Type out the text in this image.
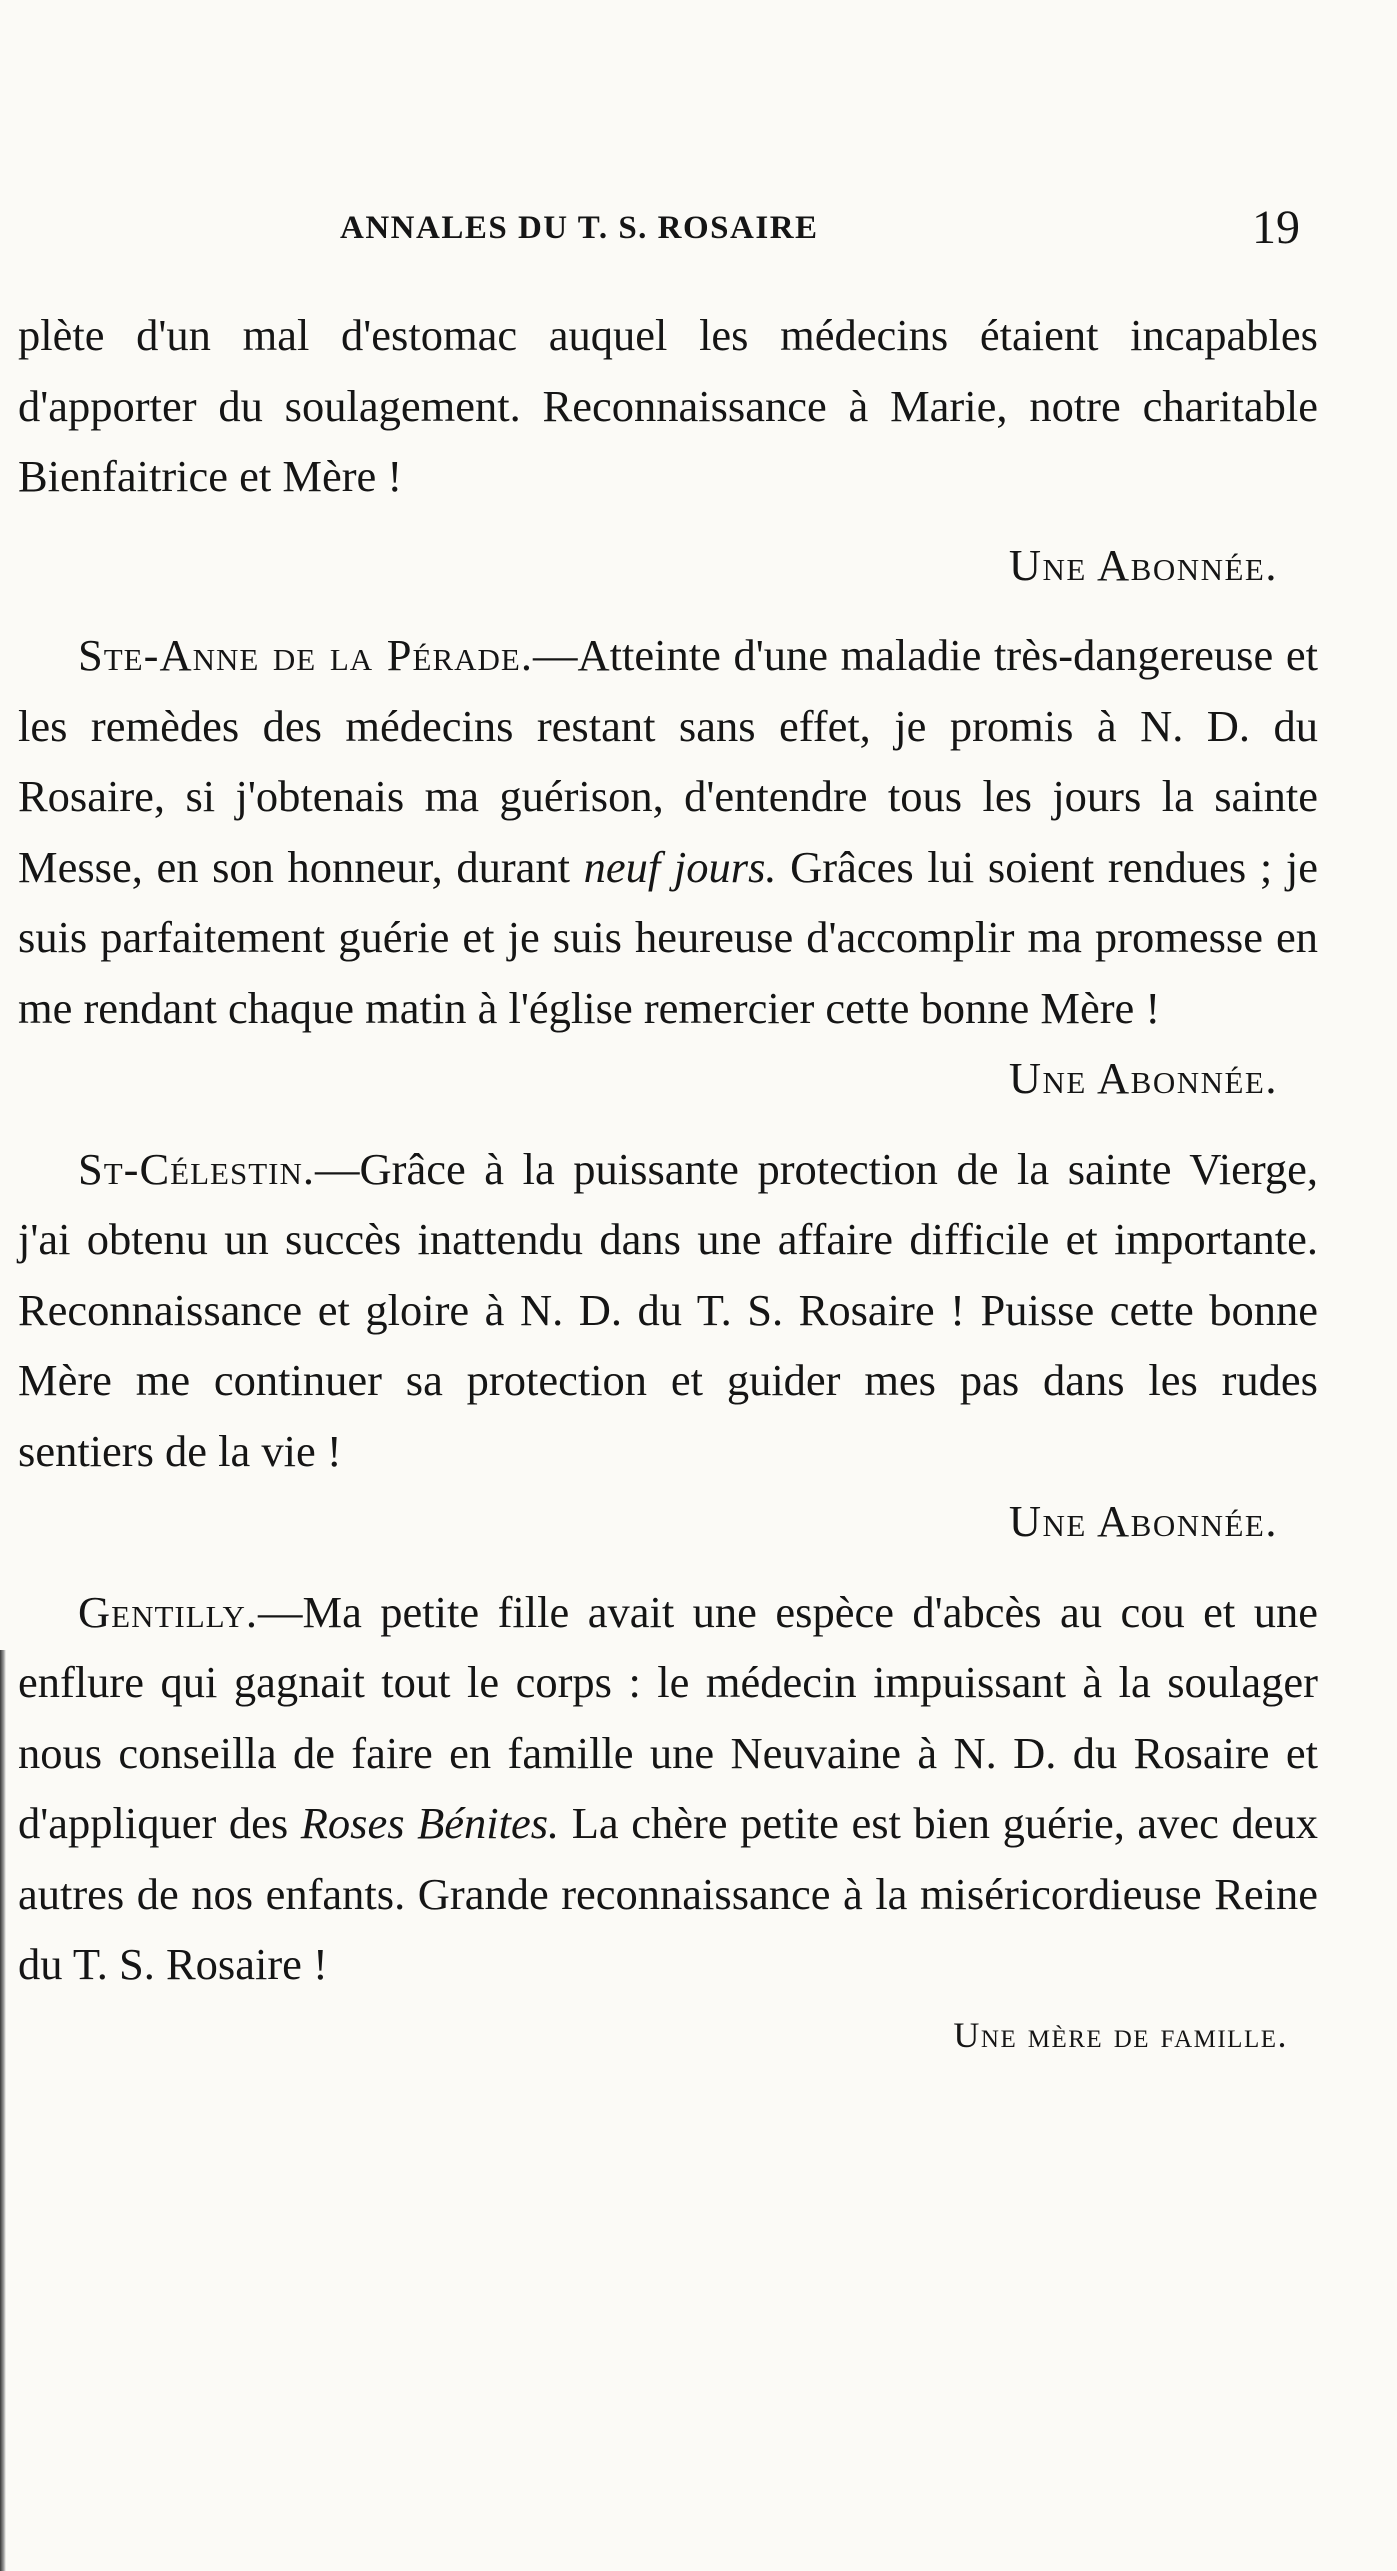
ANNALES DU T. S. ROSAIRE	19

plète d'un mal d'estomac auquel les médecins étaient incapables d'apporter du soulagement. Reconnaissance à Marie, notre charitable Bienfaitrice et Mère !

Une Abonnée.

Ste-Anne de la Pérade.—Atteinte d'une maladie très-dangereuse et les remèdes des médecins restant sans effet, je promis à N. D. du Rosaire, si j'obtenais ma guérison, d'entendre tous les jours la sainte Messe, en son honneur, durant neuf jours. Grâces lui soient rendues ; je suis parfaitement guérie et je suis heureuse d'accomplir ma promesse en me rendant chaque matin à l'église remercier cette bonne Mère !

Une Abonnée.

St-Célestin.—Grâce à la puissante protection de la sainte Vierge, j'ai obtenu un succès inattendu dans une affaire difficile et importante. Reconnaissance et gloire à N. D. du T. S. Rosaire ! Puisse cette bonne Mère me continuer sa protection et guider mes pas dans les rudes sentiers de la vie !

Une Abonnée.

Gentilly.—Ma petite fille avait une espèce d'abcès au cou et une enflure qui gagnait tout le corps : le médecin impuissant à la soulager nous conseilla de faire en famille une Neuvaine à N. D. du Rosaire et d'appliquer des Roses Bénites. La chère petite est bien guérie, avec deux autres de nos enfants. Grande reconnaissance à la miséricordieuse Reine du T. S. Rosaire !

Une mère de famille.
